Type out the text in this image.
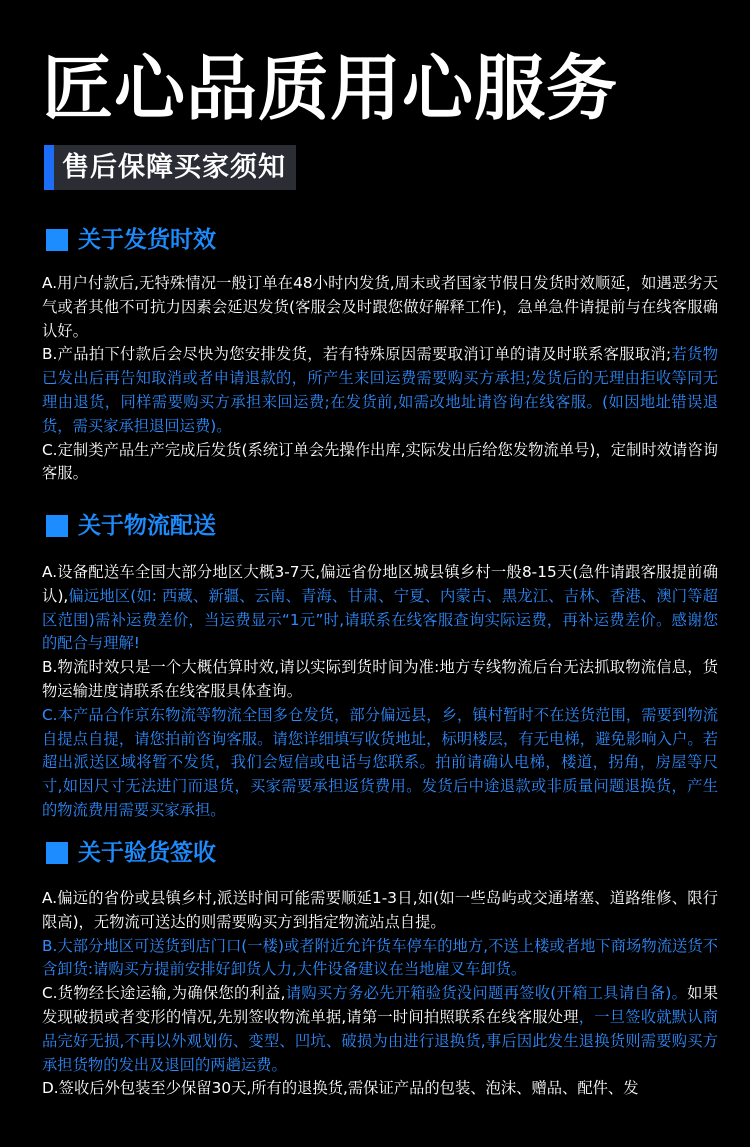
匠心品质用心服务
售后保障买家须知
关于发货时效

A.用户付款后,无特殊情况一般订单在48小时内发货,周末或者国家节假日发货时效顺延，如遇恶劣天气或者其他不可抗力因素会延迟发货(客服会及时跟您做好解释工作)，急单急件请提前与在线客服确认好。

B.产品拍下付款后会尽快为您安排发货，若有特殊原因需要取消订单的请及时联系客服取消;若货物已发出后再告知取消或者申请退款的，所产生来回运费需要购买方承担;发货后的无理由拒收等同无理由退货，同样需要购买方承担来回运费;在发货前,如需改地址请咨询在线客服。(如因地址错误退货，需买家承担退回运费)。

C.定制类产品生产完成后发货(系统订单会先操作出库,实际发出后给您发物流单号)，定制时效请咨询客服。

关于物流配送

A.设备配送车全国大部分地区大概3-7天,偏远省份地区城县镇乡村一般8-15天(急件请跟客服提前确认),偏远地区(如: 西藏、新疆、云南、青海、甘肃、宁夏、内蒙古、黑龙江、吉林、香港、澳门等超区范围)需补运费差价，当运费显示“1元”时,请联系在线客服查询实际运费，再补运费差价。感谢您的配合与理解!

B.物流时效只是一个大概估算时效,请以实际到货时间为准:地方专线物流后台无法抓取物流信息，货物运输进度请联系在线客服具体查询。

C.本产品合作京东物流等物流全国多仓发货，部分偏远县，乡，镇村暂时不在送货范围，需要到物流自提点自提，请您拍前咨询客服。请您详细填写收货地址，标明楼层，有无电梯，避免影响入户。若超出派送区域将暂不发货，我们会短信或电话与您联系。拍前请确认电梯，楼道，拐角，房屋等尺寸,如因尺寸无法进门而退货，买家需要承担返货费用。发货后中途退款或非质量问题退换货，产生的物流费用需要买家承担。

关于验货签收

A.偏远的省份或县镇乡村,派送时间可能需要顺延1-3日,如(如一些岛屿或交通堵塞、道路维修、限行限高)，无物流可送达的则需要购买方到指定物流站点自提。

B.大部分地区可送货到店门口(一楼)或者附近允许货车停车的地方,不送上楼或者地下商场物流送货不含卸货:请购买方提前安排好卸货人力,大件设备建议在当地雇叉车卸货。

C.货物经长途运输,为确保您的利益,请购买方务必先开箱验货没问题再签收(开箱工具请自备)。如果发现破损或者变形的情况,先别签收物流单据,请第一时间拍照联系在线客服处理，一旦签收就默认商品完好无损,不再以外观划伤、变型、凹坑、破损为由进行退换货,事后因此发生退换货则需要购买方承担货物的发出及退回的两趟运费。

D.签收后外包装至少保留30天,所有的退换货,需保证产品的包装、泡沫、赠品、配件、发
